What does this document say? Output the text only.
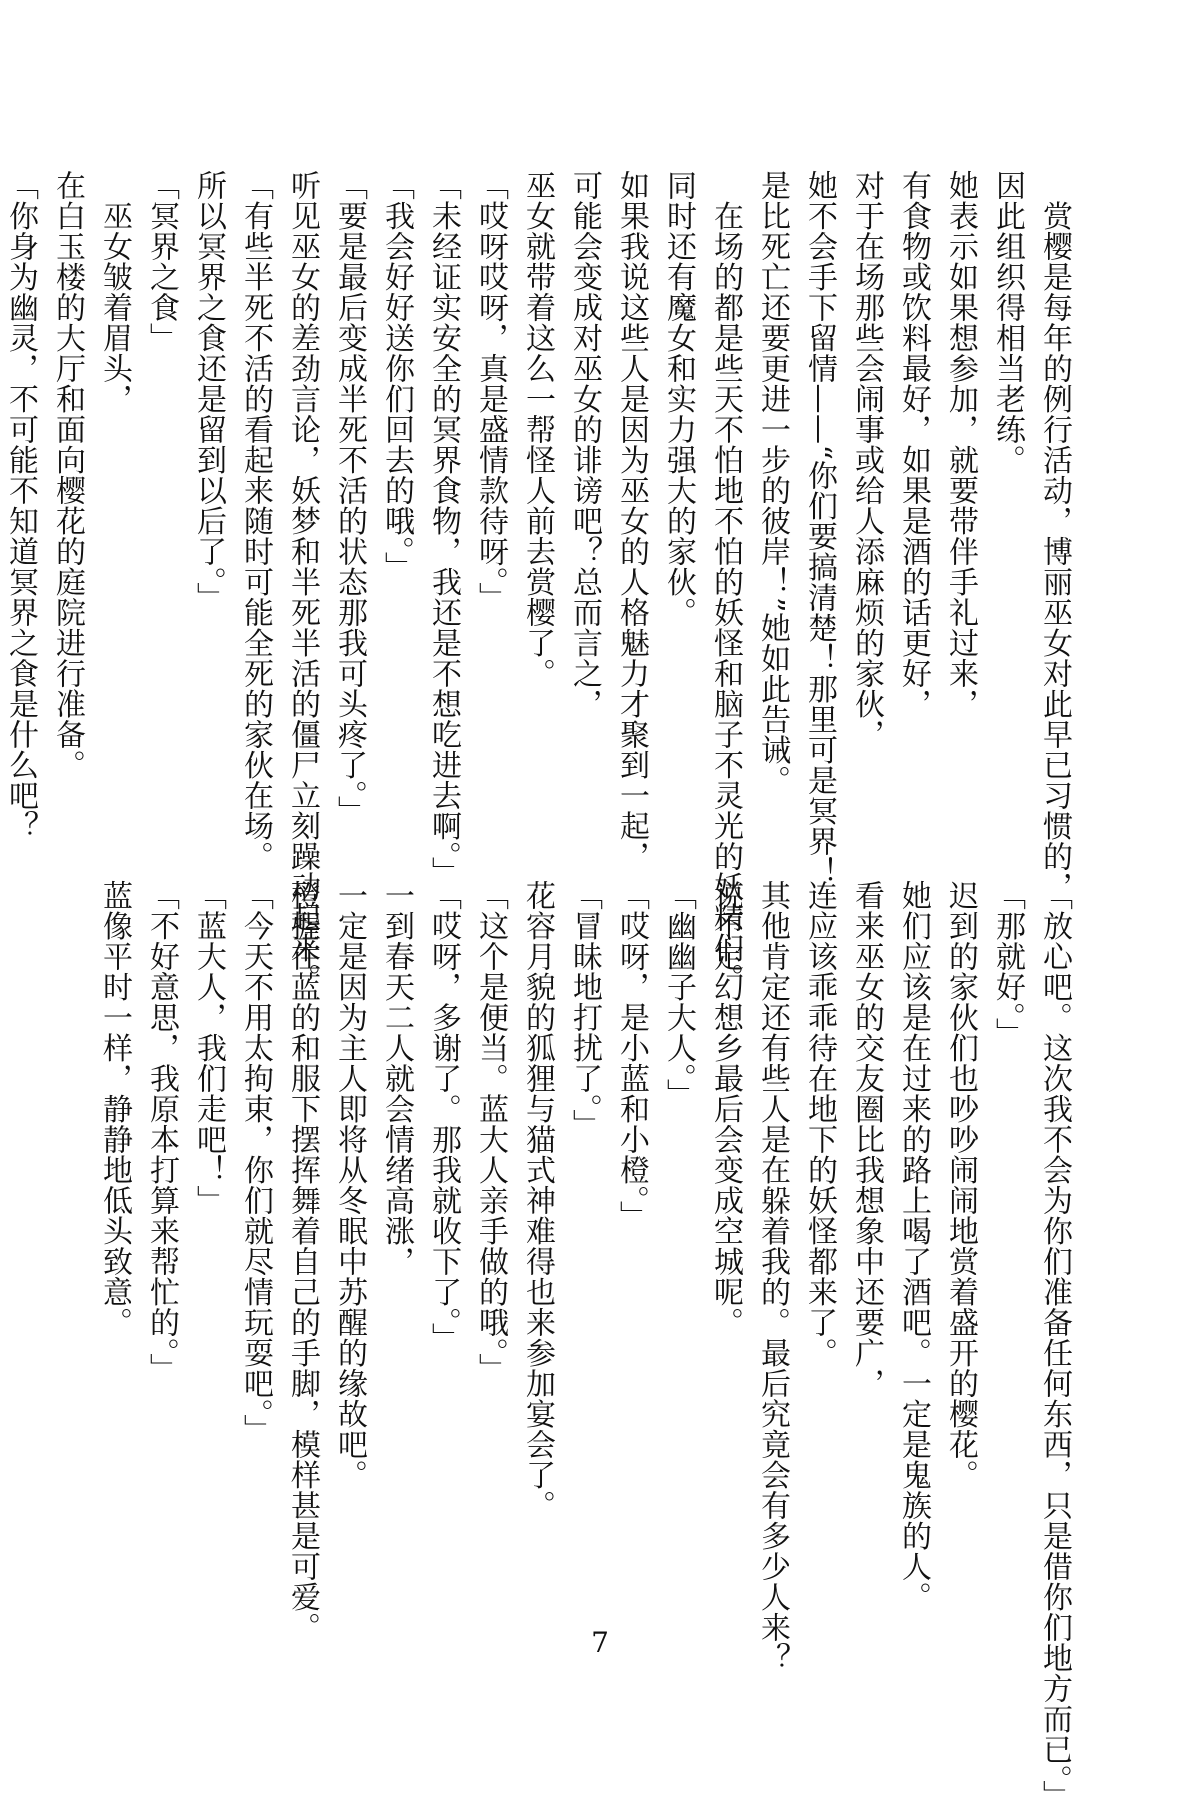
　赏樱是每年的例行活动，博丽巫女对此早已习惯的，

因此组织得相当老练。

她表示如果想参加，就要带伴手礼过来，

有食物或饮料最好，如果是酒的话更好，

对于在场那些会闹事或给人添麻烦的家伙，

她不会手下留情——“你们要搞清楚！那里可是冥界！

是比死亡还要更进一步的彼岸！”她如此告诫。

　在场的都是些天不怕地不怕的妖怪和脑子不灵光的妖精们。

同时还有魔女和实力强大的家伙。

如果我说这些人是因为巫女的人格魅力才聚到一起，

可能会变成对巫女的诽谤吧？总而言之，

巫女就带着这么一帮怪人前去赏樱了。

「哎呀哎呀，真是盛情款待呀。」

「未经证实安全的冥界食物，我还是不想吃进去啊。」

「我会好好送你们回去的哦。」

「要是最后变成半死不活的状态那我可头疼了。」

听见巫女的差劲言论，妖梦和半死半活的僵尸立刻躁动起来。

「有些半死不活的看起来随时可能全死的家伙在场。

所以冥界之食还是留到以后了。」

「冥界之食」

　巫女皱着眉头，

在白玉楼的大厅和面向樱花的庭院进行准备。

「你身为幽灵，不可能不知道冥界之食是什么吧？

「放心吧。这次我不会为你们准备任何东西，只是借你们地方而已。」

「那就好。」

迟到的家伙们也吵吵闹闹地赏着盛开的樱花。

她们应该是在过来的路上喝了酒吧。一定是鬼族的人。

看来巫女的交友圈比我想象中还要广，

连应该乖乖待在地下的妖怪都来了。

其他肯定还有些人是在躲着我的。最后究竟会有多少人来？

说不定幻想乡最后会变成空城呢。

「幽幽子大人。」

「哎呀，是小蓝和小橙。」

「冒昧地打扰了。」

花容月貌的狐狸与猫式神难得也来参加宴会了。

「这个是便当。蓝大人亲手做的哦。」

「哎呀，多谢了。那我就收下了。」

一到春天二人就会情绪高涨，

一定是因为主人即将从冬眠中苏醒的缘故吧。

橙握住蓝的和服下摆挥舞着自己的手脚，模样甚是可爱。

「今天不用太拘束，你们就尽情玩耍吧。」

「蓝大人，我们走吧！」

「不好意思，我原本打算来帮忙的。」

蓝像平时一样，静静地低头致意。

7
